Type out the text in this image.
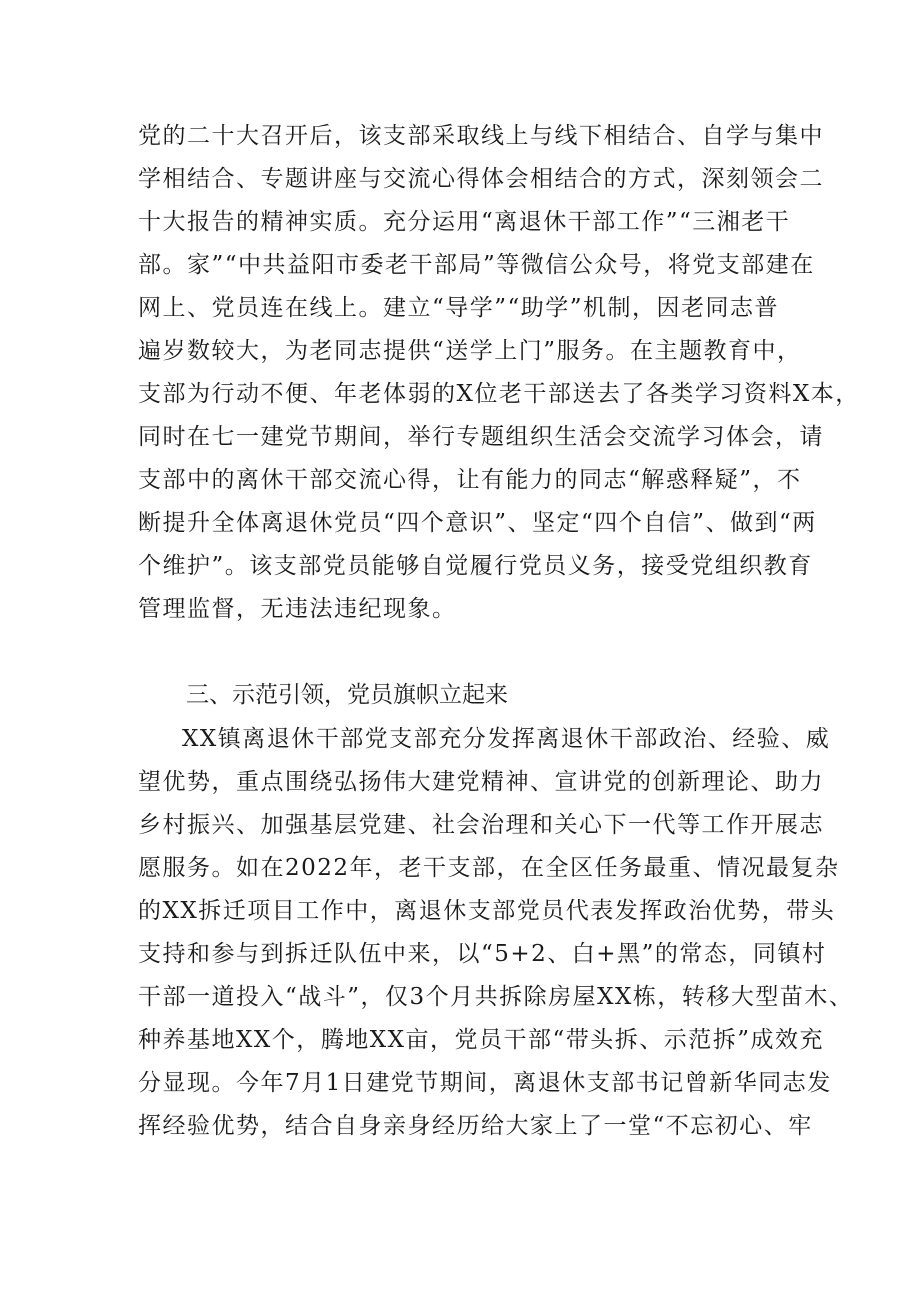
党的二十大召开后，该支部采取线上与线下相结合、自学与集中
学相结合、专题讲座与交流心得体会相结合的方式，深刻领会二
十大报告的精神实质。充分运用“离退休干部工作”“三湘老干
部。家”“中共益阳市委老干部局”等微信公众号，将党支部建在
网上、党员连在线上。建立“导学”“助学”机制，因老同志普
遍岁数较大，为老同志提供“送学上门”服务。在主题教育中，
支部为行动不便、年老体弱的X位老干部送去了各类学习资料X本，
同时在七一建党节期间，举行专题组织生活会交流学习体会，请
支部中的离休干部交流心得，让有能力的同志“解惑释疑”，不
断提升全体离退休党员“四个意识”、坚定“四个自信”、做到“两
个维护”。该支部党员能够自觉履行党员义务，接受党组织教育
管理监督，无违法违纪现象。
三、示范引领，党员旗帜立起来
XX镇离退休干部党支部充分发挥离退休干部政治、经验、威
望优势，重点围绕弘扬伟大建党精神、宣讲党的创新理论、助力
乡村振兴、加强基层党建、社会治理和关心下一代等工作开展志
愿服务。如在2022年，老干支部，在全区任务最重、情况最复杂
的XX拆迁项目工作中，离退休支部党员代表发挥政治优势，带头
支持和参与到拆迁队伍中来，以“5+2、白+黑”的常态，同镇村
干部一道投入“战斗”，仅3个月共拆除房屋XX栋，转移大型苗木、
种养基地XX个，腾地XX亩，党员干部“带头拆、示范拆”成效充
分显现。今年7月1日建党节期间，离退休支部书记曾新华同志发
挥经验优势，结合自身亲身经历给大家上了一堂“不忘初心、牢
